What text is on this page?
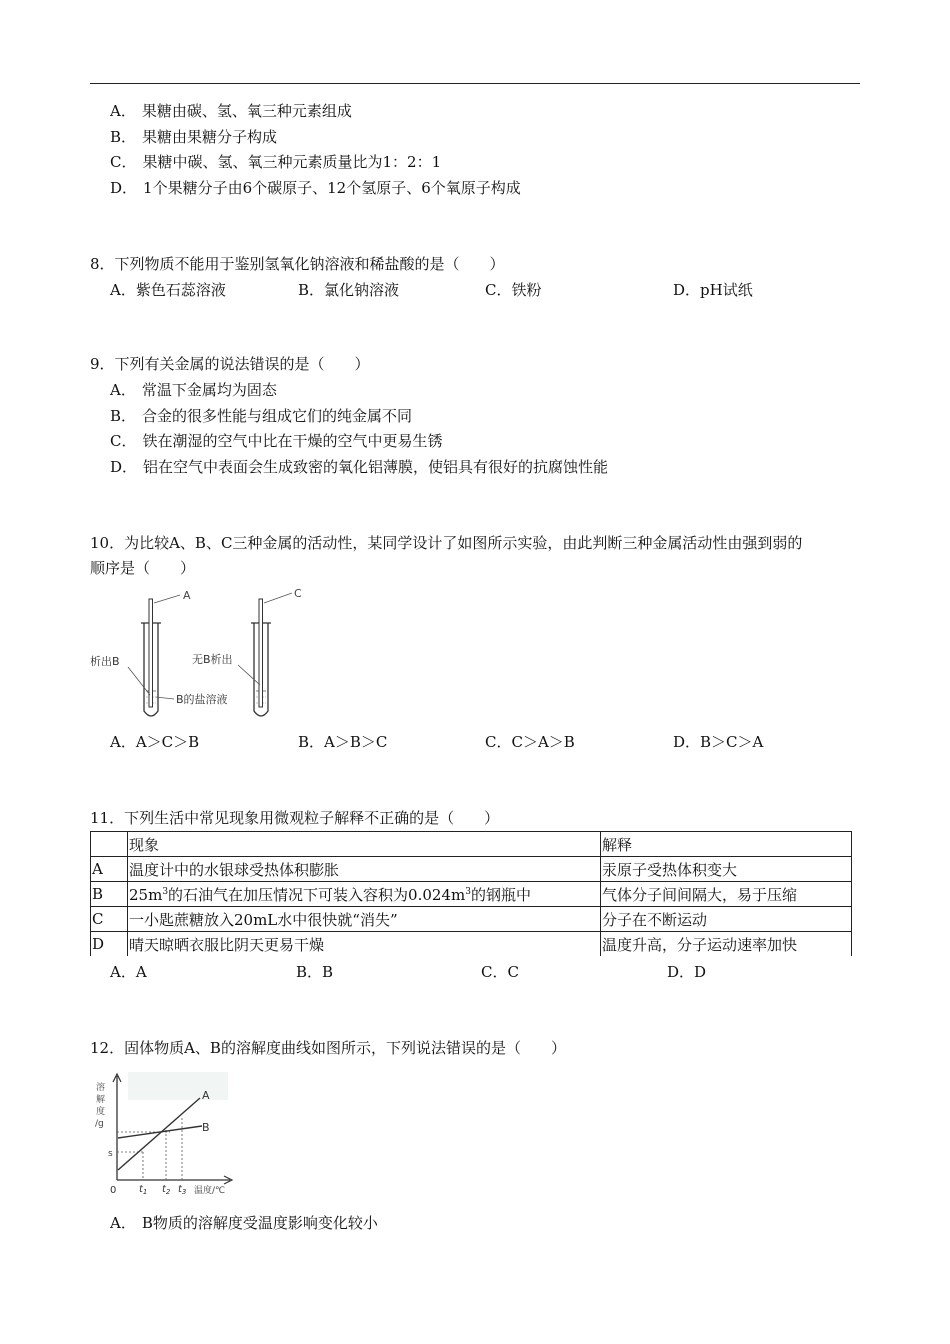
A． 果糖由碳、氢、氧三种元素组成
B． 果糖由果糖分子构成
C． 果糖中碳、氢、氧三种元素质量比为1：2：1
D． 1个果糖分子由6个碳原子、12个氢原子、6个氧原子构成
8．下列物质不能用于鉴别氢氧化钠溶液和稀盐酸的是（　　）
A．紫色石蕊溶液	B．氯化钠溶液	C．铁粉	D．pH试纸
9．下列有关金属的说法错误的是（　　）
A． 常温下金属均为固态
B． 合金的很多性能与组成它们的纯金属不同
C． 铁在潮湿的空气中比在干燥的空气中更易生锈
D． 铝在空气中表面会生成致密的氧化铝薄膜，使铝具有很好的抗腐蚀性能
10．为比较A、B、C三种金属的活动性，某同学设计了如图所示实验，由此判断三种金属活动性由强到弱的
顺序是（　　）
A
析出B
B的盐溶液
C
无B析出
A．A＞C＞B	B．A＞B＞C	C．C＞A＞B	D．B＞C＞A
11．下列生活中常见现象用微观粒子解释不正确的是（　　）
	现象	解释
A	温度计中的水银球受热体积膨胀	汞原子受热体积变大
B	$25m^3$的石油气在加压情况下可装入容积为$0.024m^3$的钢瓶中	气体分子间间隔大，易于压缩
C	一小匙蔗糖放入20mL水中很快就“消失”	分子在不断运动
D	晴天晾晒衣服比阴天更易干燥	温度升高，分子运动速率加快
A．A	B．B	C．C	D．D
12．固体物质A、B的溶解度曲线如图所示，下列说法错误的是（　　）
溶
解
度
/g
A
B
s
0 $t_1$ $t_2$ $t_3$ 温度/℃
A． B物质的溶解度受温度影响变化较小
